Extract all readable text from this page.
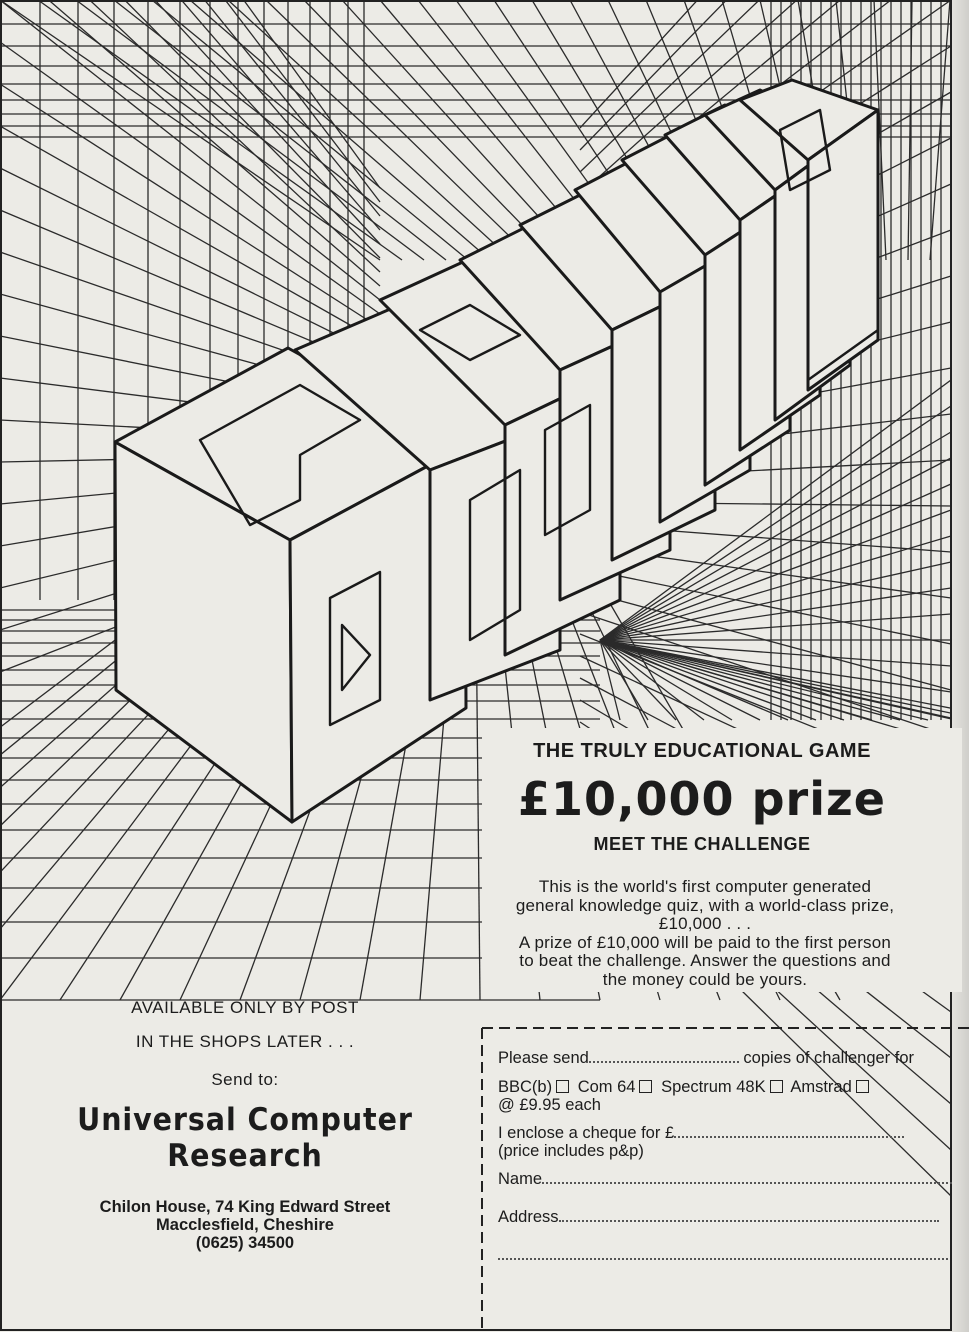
THE TRULY EDUCATIONAL GAME
£10,000 prize
MEET THE CHALLENGE
This is the world's first computer generated
general knowledge quiz, with a world-class prize,
£10,000 . . .
A prize of £10,000 will be paid to the first person
to beat the challenge. Answer the questions and
the money could be yours.
AVAILABLE ONLY BY POST
IN THE SHOPS LATER . . .
Send to:
Universal Computer
Research
Chilon House, 74 King Edward Street
Macclesfield, Cheshire
(0625) 34500
Please send	copies of challenger for
BBC(b) Com 64 Spectrum 48K Amstrad
@ £9.95 each
I enclose a cheque for £
(price includes p&p)
Name
Address
